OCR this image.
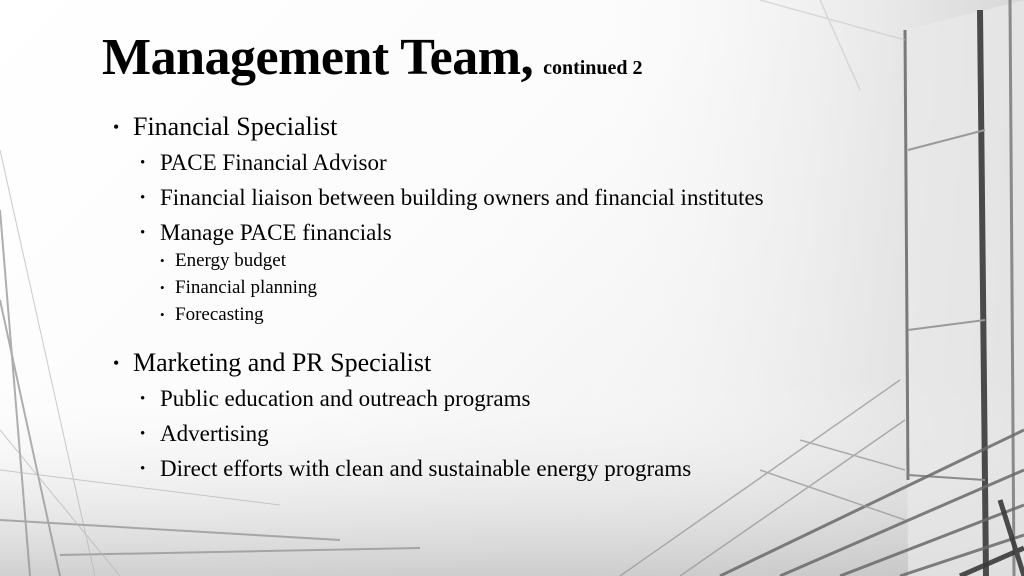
Management Team, continued 2
• Financial Specialist
• PACE Financial Advisor
• Financial liaison between building owners and financial institutes
• Manage PACE financials
• Energy budget
• Financial planning
• Forecasting
• Marketing and PR Specialist
• Public education and outreach programs
• Advertising
• Direct efforts with clean and sustainable energy programs
